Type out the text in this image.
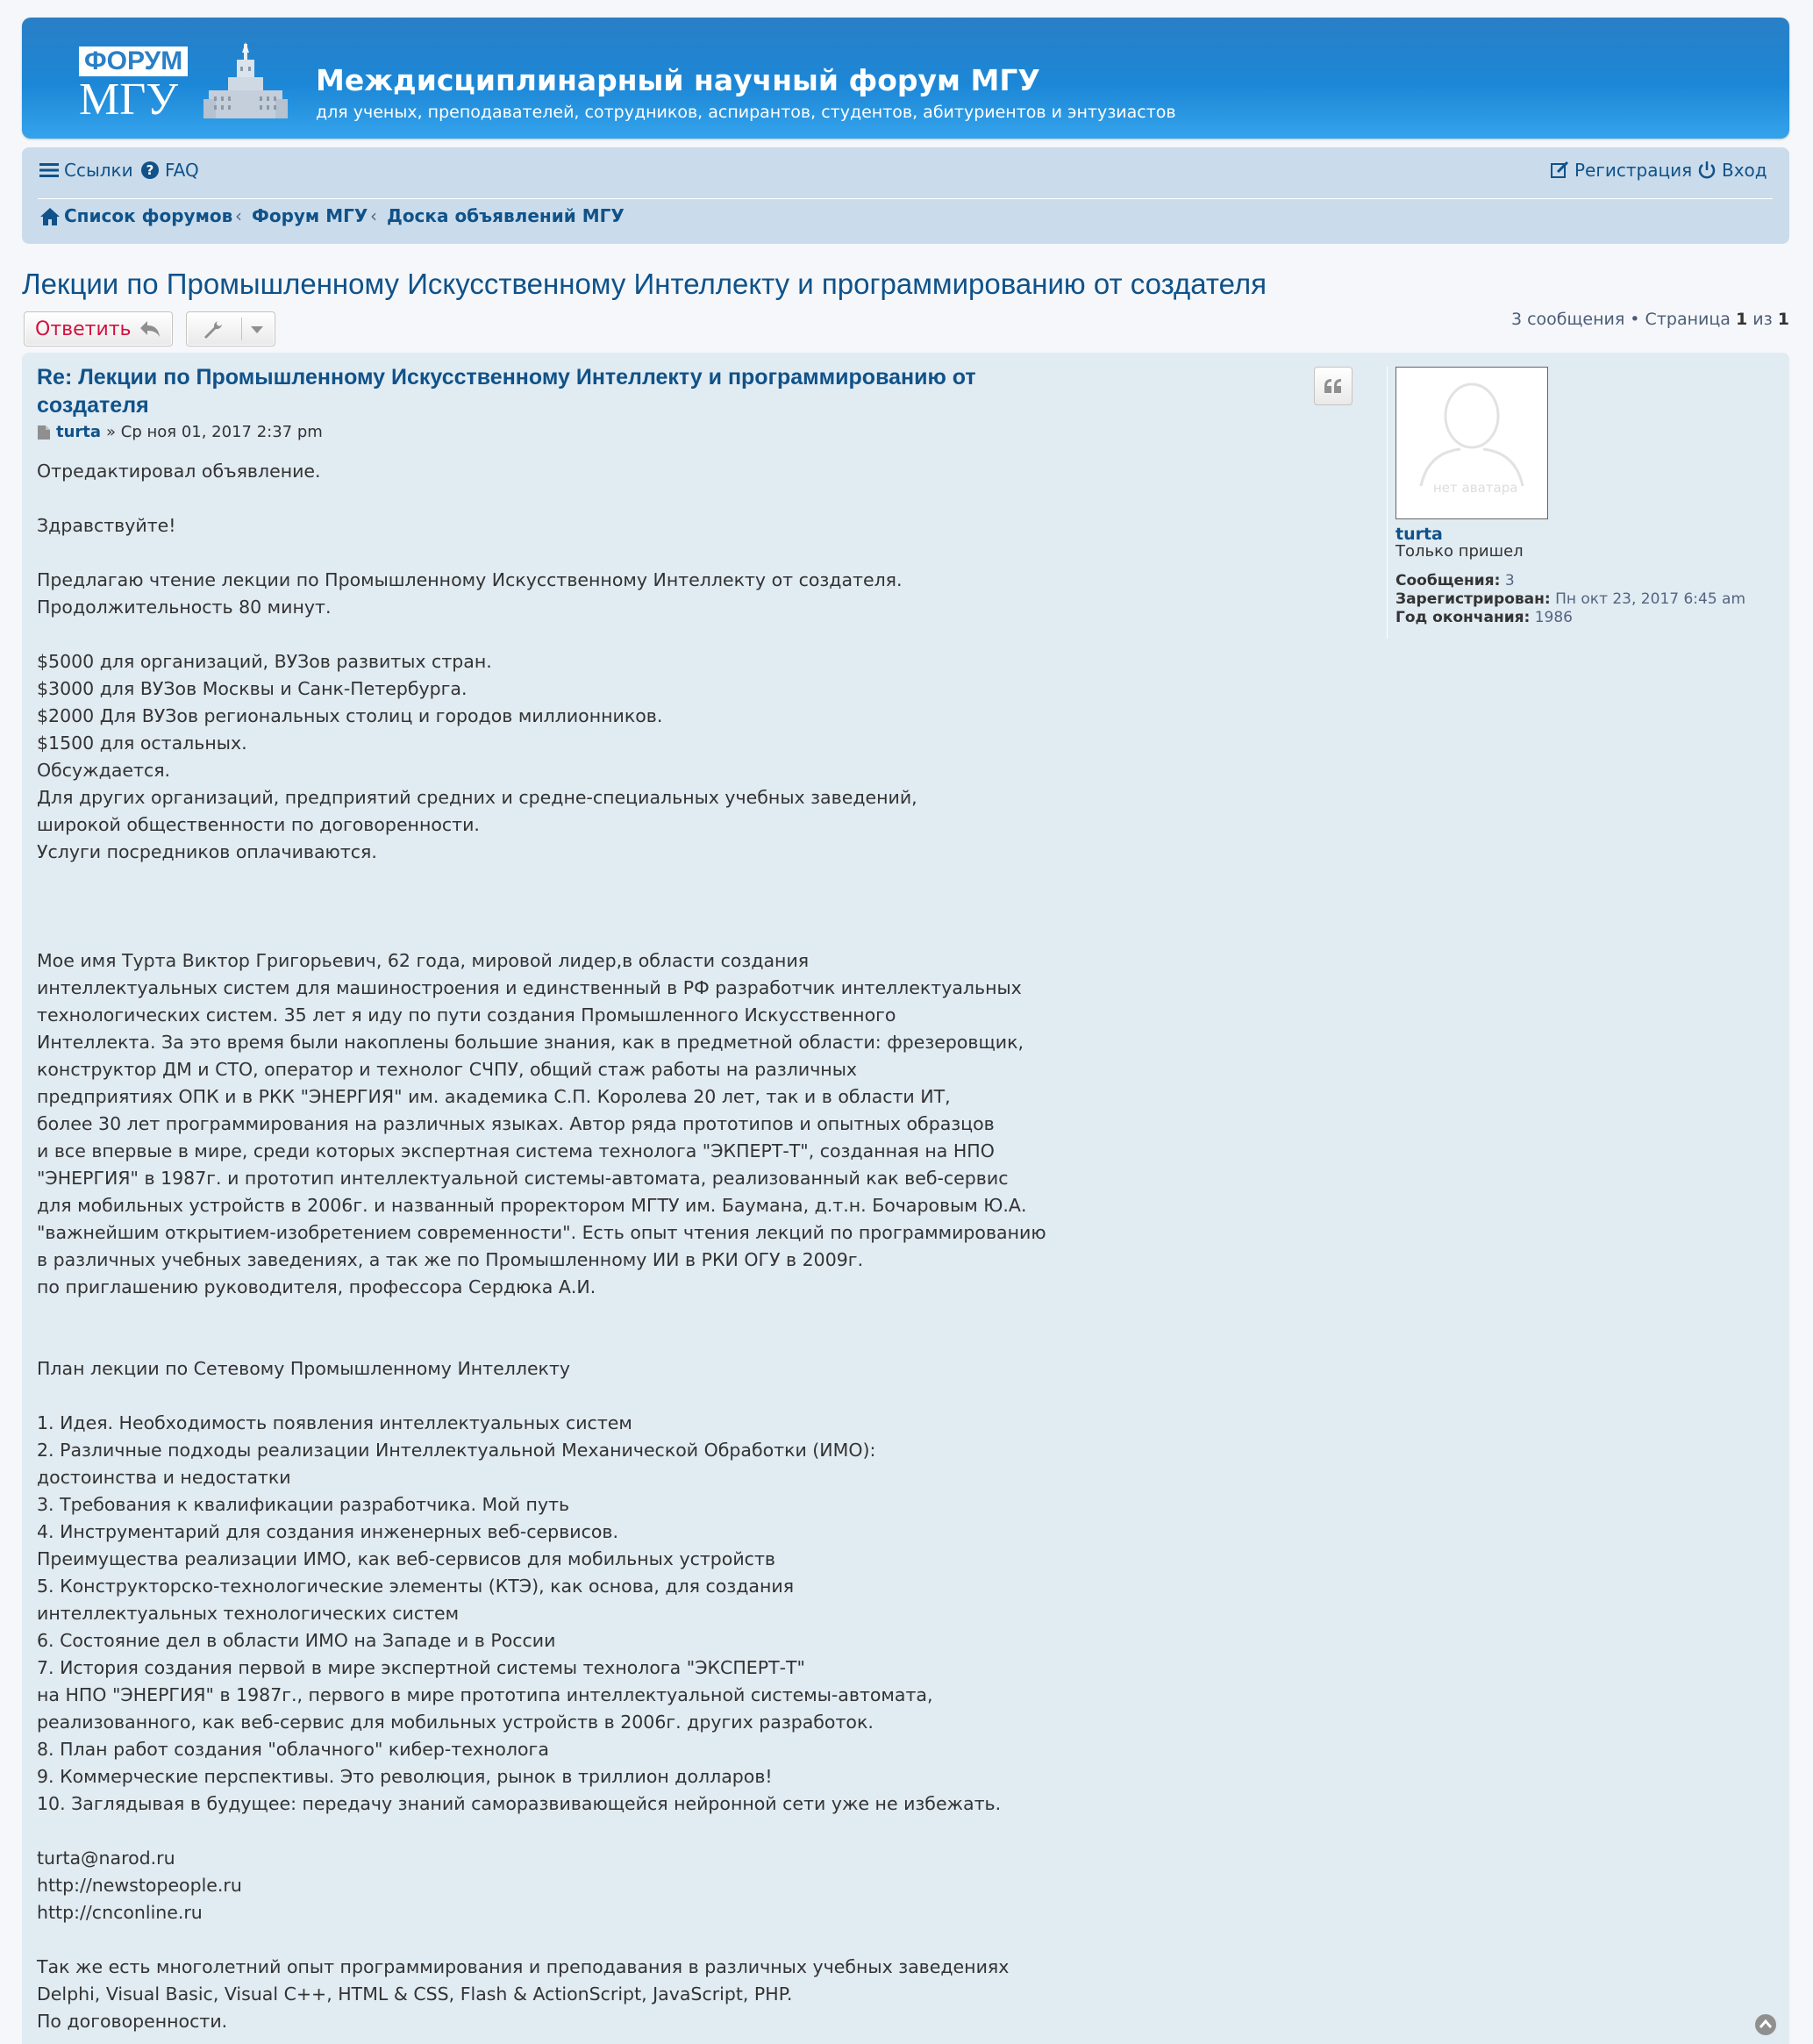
ФОРУМ
МГУ	Междисциплинарный научный форум МГУ
для ученых, преподавателей, сотрудников, аспирантов, студентов, абитуриентов и энтузиастов
Ссылки ? FAQ	Регистрация Вход
Список форумов ‹ Форум МГУ ‹ Доска объявлений МГУ
Лекции по Промышленному Искусственному Интеллекту и программированию от создателя
Ответить	3 сообщения • Страница 1 из 1
Re: Лекции по Промышленному Искусственному Интеллекту и программированию от создателя
turta » Ср ноя 01, 2017 2:37 pm
нет аватара
turta
Только пришел
Сообщения: 3
Зарегистрирован: Пн окт 23, 2017 6:45 am
Год окончания: 1986
Отредактировал объявление.
Здравствуйте!
Предлагаю чтение лекции по Промышленному Искусственному Интеллекту от создателя.
Продолжительность 80 минут.
$5000 для организаций, ВУЗов развитых стран.
$3000 для ВУЗов Москвы и Санк-Петербурга.
$2000 Для ВУЗов региональных столиц и городов миллионников.
$1500 для остальных.
Обсуждается.
Для других организаций, предприятий средних и средне-специальных учебных заведений,
широкой общественности по договоренности.
Услуги посредников оплачиваются.
Мое имя Турта Виктор Григорьевич, 62 года, мировой лидер,в области создания
интеллектуальных систем для машиностроения и единственный в РФ разработчик интеллектуальных
технологических систем. 35 лет я иду по пути создания Промышленного Искусственного
Интеллекта. За это время были накоплены большие знания, как в предметной области: фрезеровщик,
конструктор ДМ и СТО, оператор и технолог СЧПУ, общий стаж работы на различных
предприятиях ОПК и в РКК "ЭНЕРГИЯ" им. академика С.П. Королева 20 лет, так и в области ИТ,
более 30 лет программирования на различных языках. Автор ряда прототипов и опытных образцов
и все впервые в мире, среди которых экспертная система технолога "ЭКПЕРТ-Т", созданная на НПО
"ЭНЕРГИЯ" в 1987г. и прототип интеллектуальной системы-автомата, реализованный как веб-сервис
для мобильных устройств в 2006г. и названный проректором МГТУ им. Баумана, д.т.н. Бочаровым Ю.А.
"важнейшим открытием-изобретением современности". Есть опыт чтения лекций по программированию
в различных учебных заведениях, а так же по Промышленному ИИ в РКИ ОГУ в 2009г.
по приглашению руководителя, профессора Сердюка А.И.
План лекции по Сетевому Промышленному Интеллекту
1. Идея. Необходимость появления интеллектуальных систем
2. Различные подходы реализации Интеллектуальной Механической Обработки (ИМО):
достоинства и недостатки
3. Требования к квалификации разработчика. Мой путь
4. Инструментарий для создания инженерных веб-сервисов.
Преимущества реализации ИМО, как веб-сервисов для мобильных устройств
5. Конструкторско-технологические элементы (КТЭ), как основа, для создания
интеллектуальных технологических систем
6. Состояние дел в области ИМО на Западе и в России
7. История создания первой в мире экспертной системы технолога "ЭКСПЕРТ-Т"
на НПО "ЭНЕРГИЯ" в 1987г., первого в мире прототипа интеллектуальной системы-автомата,
реализованного, как веб-сервис для мобильных устройств в 2006г. других разработок.
8. План работ создания "облачного" кибер-технолога
9. Коммерческие перспективы. Это революция, рынок в триллион долларов!
10. Заглядывая в будущее: передачу знаний саморазвивающейся нейронной сети уже не избежать.
turta@narod.ru
http://newstopeople.ru
http://cnconline.ru
Так же есть многолетний опыт программирования и преподавания в различных учебных заведениях
Delphi, Visual Basic, Visual C++, HTML & CSS, Flash & ActionScript, JavaScript, PHP.
По договоренности.
